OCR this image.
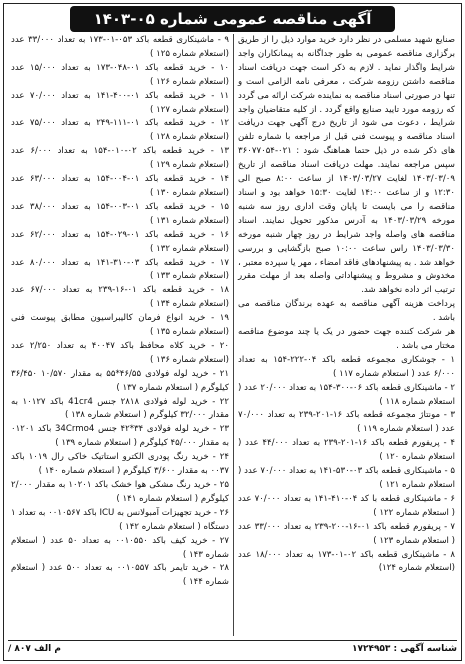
آگهی مناقصه عمومی شماره ۰۵-۱۴۰۳

صنایع شهید مسلمی در نظر دارد خرید موارد ذیل را از طریق برگزاری مناقصه عمومی به طور جداگانه به پیمانکاران واجد شرایط واگذار نماید . لازم به ذکر است جهت دریافت اسناد مناقصه داشتن رزومه شرکت ، معرفی نامه الزامی است و تنها در صورتی اسناد مناقصه به نماینده شرکت ارائه می گردد که رزومه مورد تایید صنایع واقع گردد . از کلیه متقاضیان واجد شرایط ، دعوت می شود از تاریخ درج آگهی جهت دریافت اسناد مناقصه و پیوست فنی قبل از مراجعه با شماره تلفن های ذکر شده در ذیل حتما هماهنگ شود : ۰۲۱-۳۶۰۷۷۰۵۴ سپس مراجعه نمایند. مهلت دریافت اسناد مناقصه از تاریخ ۱۴۰۳/۰۳/۰۹ لغایت ۱۴۰۳/۰۳/۲۷ از ساعت ۸:۰۰ صبح الی ۱۲:۳۰ و از ساعت ۱۴:۰۰ لغایت ۱۵:۳۰ خواهد بود و اسناد مناقصه را می بایست تا پایان وقت اداری روز سه شنبه مورخه ۱۴۰۳/۰۳/۲۹ به آدرس مذکور تحویل نمایند. اسناد مناقصه های واصله واجد شرایط در روز چهار شنبه مورخه ۱۴۰۳/۰۳/۳۰ راس ساعت ۱۰:۰۰ صبح بازگشایی و بررسی خواهد شد . به پیشنهادهای فاقد امضاء ، مهر یا سپرده معتبر ، مخدوش و مشروط و پیشنهاداتی واصله بعد از مهلت مقرر ترتیب اثر داده نخواهد شد.

پرداخت هزینه آگهی مناقصه به عهده برندگان مناقصه می باشد .

هر شرکت کننده جهت حضور در یک یا چند موضوع مناقصه مختار می باشد .

۱ - جوشکاری مجموعه قطعه باکد ۰۴-۲۲۲-۱۵۴ به تعداد ۶/۰۰۰ عدد ( استعلام شماره ۱۱۷ )
۲ - ماشینکاری قطعه باکد ۰۶-۳۰۰-۱۵۴ به تعداد ۲۰/۰۰۰ عدد ( استعلام شماره ۱۱۸ )
۳ - مونتاژ مجموعه قطعه باکد ۱۶-۲۰۱-۲۳۹ به تعداد ۷۰/۰۰۰ عدد ( استعلام شماره ۱۱۹ )
۴ - پریفورم قطعه باکد ۱۶-۲۰۱-۲۳۹ به تعداد ۴۴/۰۰۰ عدد ( استعلام شماره ۱۲۰ )
۵ - ماشینکاری قطعه باکد ۰۳-۵۳۰-۱۴۱ به تعداد ۷۰/۰۰۰ عدد ( استعلام شماره ۱۲۱ )
۶ - ماشینکاری قطعه با کد ۰۴-۴۱۰-۱۴۱ به تعداد ۷۰/۰۰۰ عدد ( استعلام شماره ۱۲۲ )
۷ - پریفورم قطعه باکد ۰۱-۱۶-۲۰۰-۲۳۹ به تعداد ۳۳/۰۰۰ عدد ( استعلام شماره ۱۲۳ )
۸ - ماشینکاری قطعه باکد ۰۲-۰۱-۱۷۳ به تعداد ۱۸/۰۰۰ عدد (استعلام شماره ۱۲۴)
۹ - ماشینکاری قطعه باکد ۰۵۳-۰۱-۱۷۳ به تعداد ۳۳/۰۰۰ عدد (استعلام شماره ۱۲۵ )
۱۰ - خرید قطعه باکد ۰۱-۰۴۸-۱۷۳ به تعداد ۱۵/۰۰۰ عدد (استعلام شماره ۱۲۶ )
۱۱ - خرید قطعه باکد ۰۱-۴۰۰-۱۴۱ به تعداد ۷۰/۰۰۰ عدد (استعلام شماره ۱۲۷ )
۱۲ - خرید قطعه باکد ۰۱-۱۱۱-۲۴۹ به تعداد ۷۵/۰۰۰ عدد (استعلام شماره ۱۲۸ )
۱۳ - خرید قطعه باکد ۰۲-۰۱۰-۱۵۴ به تعداد ۶/۰۰۰ عدد (استعلام شماره ۱۲۹ )
۱۴ - خرید قطعه باکد ۰۱-۰۰۴-۱۵۴ به تعداد ۶۳/۰۰۰ عدد (استعلام شماره ۱۳۰ )
۱۵ - خرید قطعه باکد ۰۱-۰۰۳-۱۵۴ به تعداد ۳۸/۰۰۰ عدد (استعلام شماره ۱۳۱ )
۱۶ - خرید قطعه باکد ۰۱-۰۲۹-۱۵۴ به تعداد ۶۲/۰۰۰ عدد (استعلام شماره ۱۳۲ )
۱۷ - خرید قطعه باکد ۰۳-۳۱۰-۱۴۱ به تعداد ۸۰/۰۰۰ عدد (استعلام شماره ۱۳۳ )
۱۸ - خرید قطعه باکد ۰۱-۱۶-۲۳۹ به تعداد ۶۷/۰۰۰ عدد (استعلام شماره ۱۳۴ )
۱۹ - خرید انواع فرمان کالیبراسیون مطابق پیوست فنی (استعلام شماره ۱۳۵ )
۲۰ - خرید کلاه محافظ باکد ۴۰۰۴۷ به تعداد ۲/۲۵۰ عدد (استعلام شماره ۱۳۶ )
۲۱ - خرید لوله فولادی ۴۶/۵۵*۵۵ به مقدار ۱۰/۵۷۰ ۳۶/۴۵۰ کیلوگرم ( استعلام شماره ۱۳۷ )
۲۲ - خرید لوله فولادی ۲۸۱۸ جنس 41cr4 باکد ۱۰۱۲۷ به مقدار ۳۲/۰۰۰ کیلوگرم ( استعلام شماره ۱۳۸ )
۲۳ - خرید لوله فولادی ۳۴*۴۲ جنس 34Crmo4 باکد ۰۱۲۰۱ به مقدار ۴۵/۰۰۰ کیلوگرم ( استعلام شماره ۱۳۹ )
۲۴ - خرید رنگ پودری الکترو استاتیک خاکی رال ۱۰۱۹ باکد ۰۰۳۷ به مقدار ۳/۶۰۰ کیلوگرم ( استعلام شماره ۱۴۰ )
۲۵ - خرید رنگ مشکی هوا خشک باکد ۱۰۲۰۱ به مقدار ۲/۰۰۰ کیلوگرم ( استعلام شماره ۱۴۱ )
۲۶ - خرید تجهیزات آمبولانس به ICU باکد ۰۰۱۰۵۶۷ به تعداد ۱ دستگاه ( استعلام شماره ۱۴۲ )
۲۷ - خرید کیف باکد ۰۰۱۰۵۵۰ به تعداد ۵۰ عدد ( استعلام شماره ۱۴۳ )
۲۸ - خرید تایمر باکد ۰۰۱۰۵۵۷ به تعداد ۵۰۰ عدد ( استعلام شماره ۱۴۴ )
شناسه آگهی : ۱۷۲۴۹۵۳
م الف ۸۰۷ /
